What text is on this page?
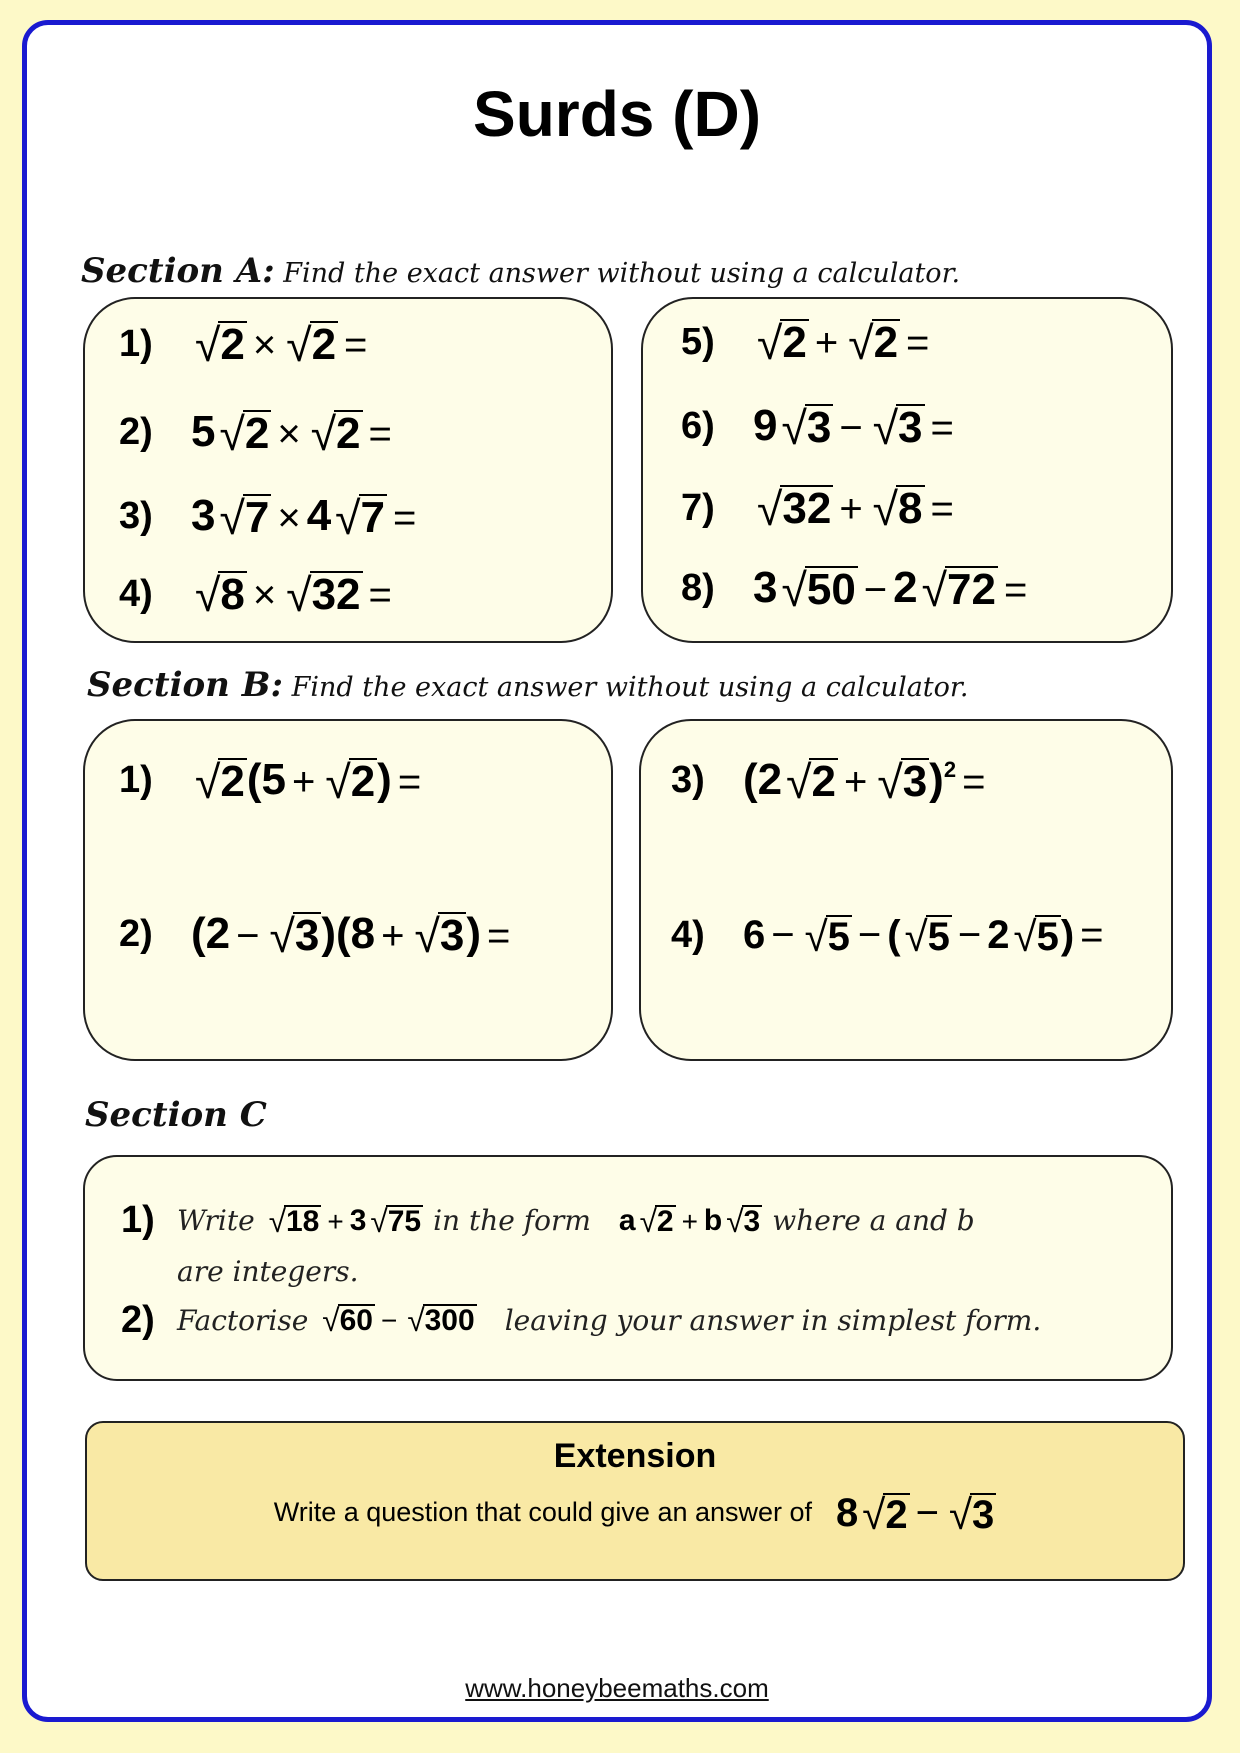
Surds (D)
Section A: Find the exact answer without using a calculator.
1) √ 2 × √ 2 =
2) 5 √ 2 × √ 2 =
3) 3 √ 7 × 4 √ 7 =
4) √ 8 × √ 32 =
5) √ 2 + √ 2 =
6) 9 √ 3 − √ 3 =
7) √ 32 + √ 8 =
8) 3 √ 50 − 2 √ 72 =
Section B: Find the exact answer without using a calculator.
1) √ 2 (5 + √ 2 ) =
2) (2 − √ 3 )(8 + √ 3 ) =
3) (2 √ 2 + √ 3 ) 2 =
4) 6 − √ 5 − ( √ 5 − 2 √ 5 ) =
Section C
1) Write √ 18 + 3 √ 75 in the form a √ 2 + b √ 3 where a and b
are integers.
2) Factorise √ 60 − √ 300 leaving your answer in simplest form.
Extension
Write a question that could give an answer of 8 √ 2 − √ 3
www.honeybeemaths.com
